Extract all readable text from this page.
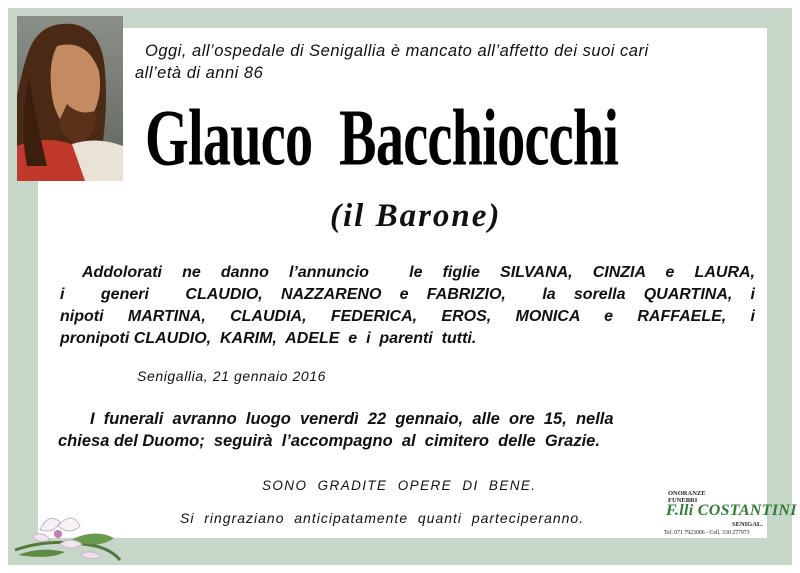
Oggi, all’ospedale di Senigallia è mancato all’affetto dei suoi cari
all’età di anni 86
Glauco  Bacchiocchi
(il Barone)
Addolorati ne danno l’annuncio  le figlie SILVANA, CINZIA e LAURA,
i  generi  CLAUDIO, NAZZARENO e FABRIZIO,  la sorella QUARTINA, i
nipoti MARTINA, CLAUDIA, FEDERICA, EROS, MONICA e RAFFAELE, i
pronipoti CLAUDIO,  KARIM,  ADELE  e  i  parenti  tutti.
Senigallia, 21 gennaio 2016
I  funerali  avranno  luogo  venerdì  22  gennaio,  alle  ore  15,  nella
chiesa del Duomo;  seguirà  l’accompagno  al  cimitero  delle  Grazie.
SONO  GRADITE  OPERE  DI  BENE.
Si  ringraziano  anticipatamente  quanti  parteciperanno.
ONORANZE
FUNEBRI
F.lli COSTANTINI
SENIGAL.
Tel. 071 7923006 - Cell. 330 277973
